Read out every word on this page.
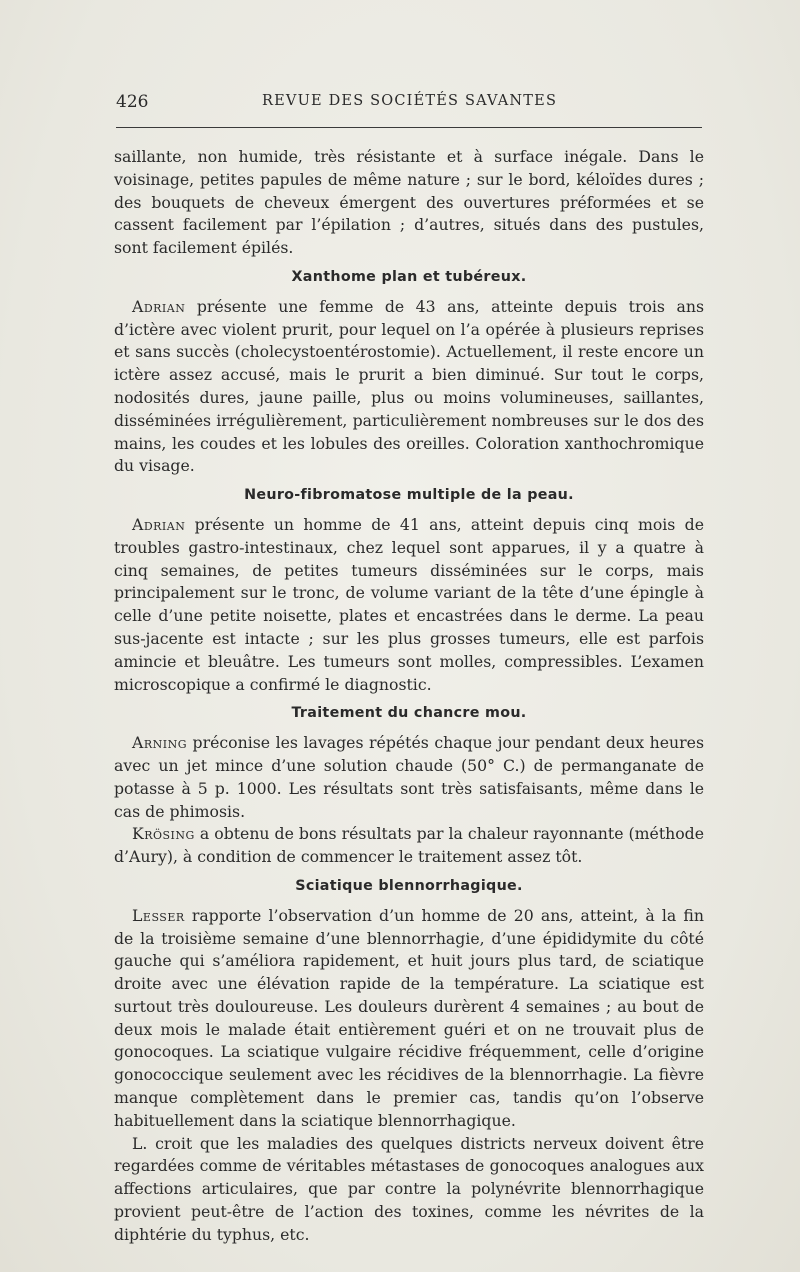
426	REVUE DES SOCIÉTÉS SAVANTES

saillante, non humide, très résistante et à surface inégale. Dans le voisinage, petites papules de même nature ; sur le bord, kéloïdes dures ; des bouquets de cheveux émergent des ouvertures préformées et se cassent facilement par l’épilation ; d’autres, situés dans des pustules, sont facilement épilés.

Xanthome plan et tubéreux.

Adrian présente une femme de 43 ans, atteinte depuis trois ans d’ictère avec violent prurit, pour lequel on l’a opérée à plusieurs reprises et sans succès (cholecystoentérostomie). Actuellement, il reste encore un ictère assez accusé, mais le prurit a bien diminué. Sur tout le corps, nodosités dures, jaune paille, plus ou moins volumineuses, saillantes, disséminées irrégulièrement, particulièrement nombreuses sur le dos des mains, les coudes et les lobules des oreilles. Coloration xanthochromique du visage.

Neuro-fibromatose multiple de la peau.

Adrian présente un homme de 41 ans, atteint depuis cinq mois de troubles gastro-intestinaux, chez lequel sont apparues, il y a quatre à cinq semaines, de petites tumeurs disséminées sur le corps, mais principalement sur le tronc, de volume variant de la tête d’une épingle à celle d’une petite noisette, plates et encastrées dans le derme. La peau sus-jacente est intacte ; sur les plus grosses tumeurs, elle est parfois amincie et bleuâtre. Les tumeurs sont molles, compressibles. L’examen microscopique a confirmé le diagnostic.

Traitement du chancre mou.

Arning préconise les lavages répétés chaque jour pendant deux heures avec un jet mince d’une solution chaude (50° C.) de permanganate de potasse à 5 p. 1000. Les résultats sont très satisfaisants, même dans le cas de phimosis.

Krösing a obtenu de bons résultats par la chaleur rayonnante (méthode d’Aury), à condition de commencer le traitement assez tôt.

Sciatique blennorrhagique.

Lesser rapporte l’observation d’un homme de 20 ans, atteint, à la fin de la troisième semaine d’une blennorrhagie, d’une épididymite du côté gauche qui s’améliora rapidement, et huit jours plus tard, de sciatique droite avec une élévation rapide de la température. La sciatique est surtout très douloureuse. Les douleurs durèrent 4 semaines ; au bout de deux mois le malade était entièrement guéri et on ne trouvait plus de gonocoques. La sciatique vulgaire récidive fréquemment, celle d’origine gonococcique seulement avec les récidives de la blennorrhagie. La fièvre manque complètement dans le premier cas, tandis qu’on l’observe habituellement dans la sciatique blennorrhagique.

L. croit que les maladies des quelques districts nerveux doivent être regardées comme de véritables métastases de gonocoques analogues aux affections articulaires, que par contre la polynévrite blennorrhagique provient peut-être de l’action des toxines, comme les névrites de la diphtérie du typhus, etc.
